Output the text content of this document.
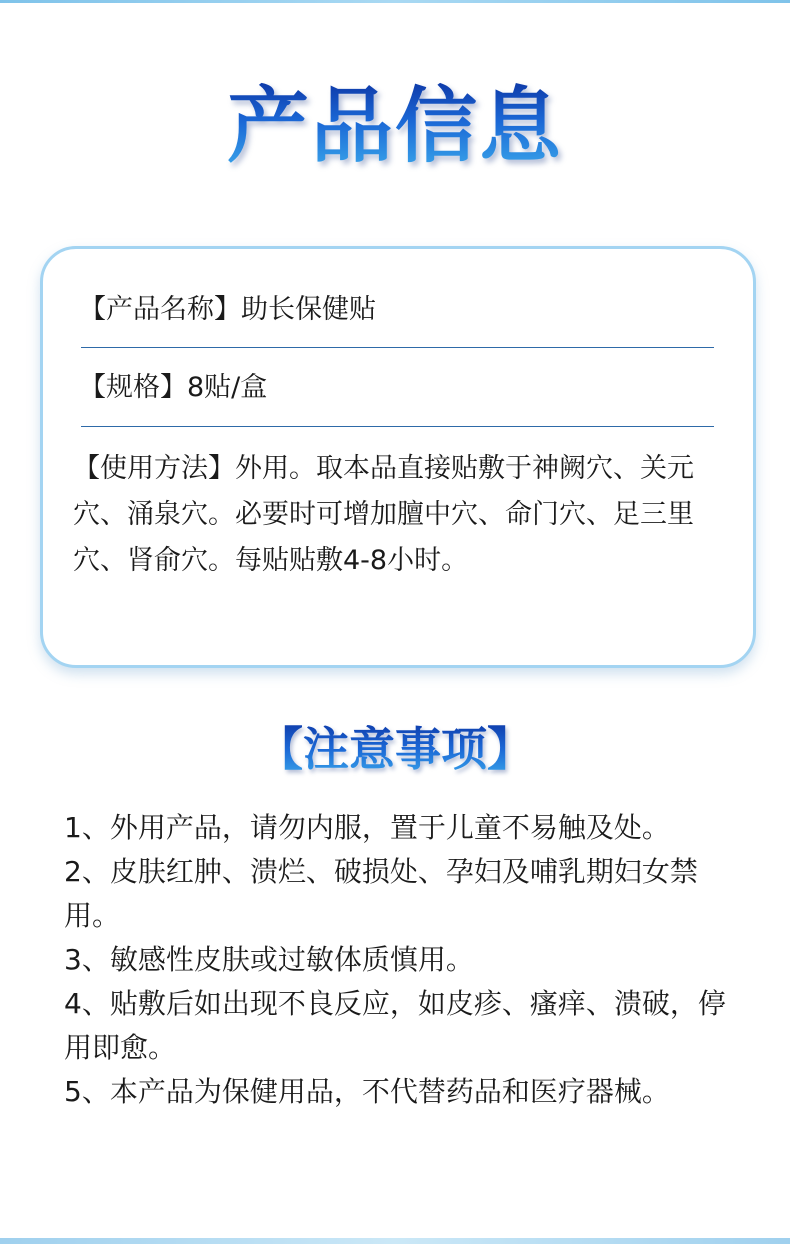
产品信息
【产品名称】助长保健贴
【规格】8贴/盒
【使用方法】外用。取本品直接贴敷于神阙穴、关元穴、涌泉穴。必要时可增加膻中穴、命门穴、足三里穴、肾俞穴。每贴贴敷4-8小时。
【注意事项】

1、外用产品，请勿内服，置于儿童不易触及处。

2、皮肤红肿、溃烂、破损处、孕妇及哺乳期妇女禁用。

3、敏感性皮肤或过敏体质慎用。

4、贴敷后如出现不良反应，如皮疹、瘙痒、溃破，停用即愈。

5、本产品为保健用品，不代替药品和医疗器械。
